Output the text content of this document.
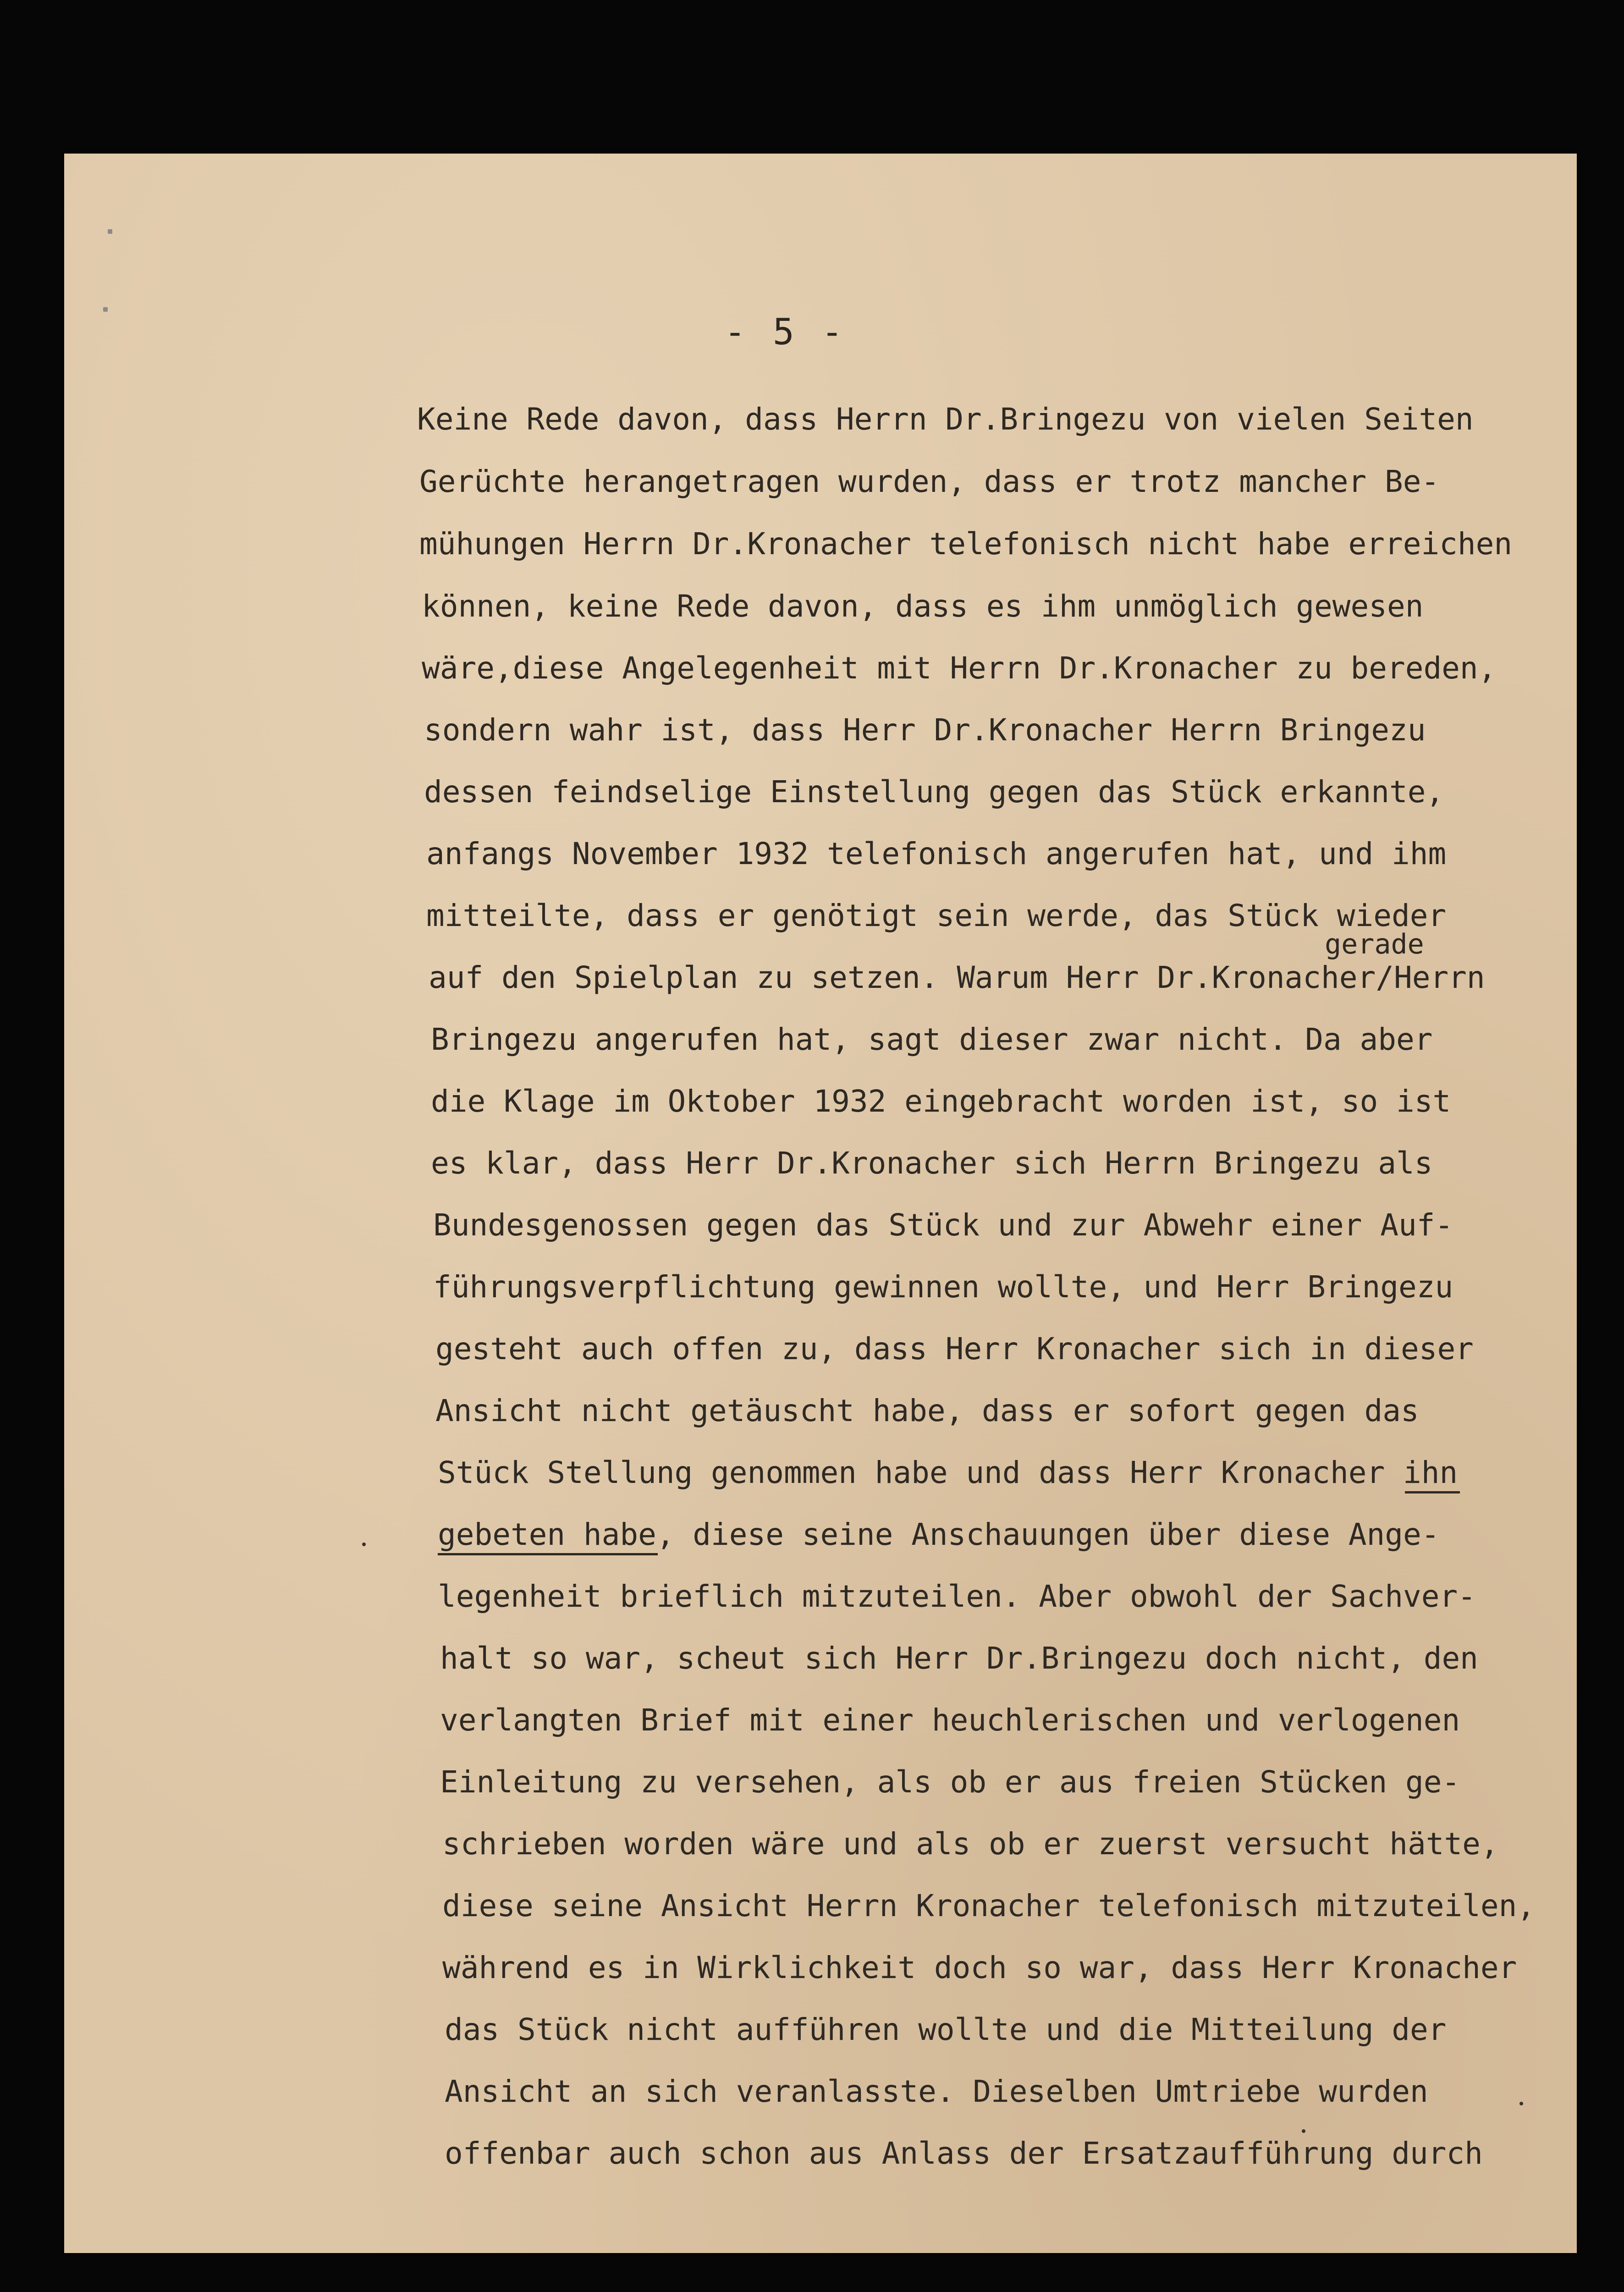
- 5 -
Keine Rede davon, dass Herrn Dr.Bringezu von vielen Seiten
Gerüchte herangetragen wurden, dass er trotz mancher Be-
mühungen Herrn Dr.Kronacher telefonisch nicht habe erreichen
können, keine Rede davon, dass es ihm unmöglich gewesen
wäre,diese Angelegenheit mit Herrn Dr.Kronacher zu bereden,
sondern wahr ist, dass Herr Dr.Kronacher Herrn Bringezu
dessen feindselige Einstellung gegen das Stück erkannte,
anfangs November 1932 telefonisch angerufen hat, und ihm
mitteilte, dass er genötigt sein werde, das Stück wieder
gerade
auf den Spielplan zu setzen. Warum Herr Dr.Kronacher/Herrn
Bringezu angerufen hat, sagt dieser zwar nicht. Da aber
die Klage im Oktober 1932 eingebracht worden ist, so ist
es klar, dass Herr Dr.Kronacher sich Herrn Bringezu als
Bundesgenossen gegen das Stück und zur Abwehr einer Auf-
führungsverpflichtung gewinnen wollte, und Herr Bringezu
gesteht auch offen zu, dass Herr Kronacher sich in dieser
Ansicht nicht getäuscht habe, dass er sofort gegen das
Stück Stellung genommen habe und dass Herr Kronacher ihn
gebeten habe, diese seine Anschauungen über diese Ange-
legenheit brieflich mitzuteilen. Aber obwohl der Sachver-
halt so war, scheut sich Herr Dr.Bringezu doch nicht, den
verlangten Brief mit einer heuchlerischen und verlogenen
Einleitung zu versehen, als ob er aus freien Stücken ge-
schrieben worden wäre und als ob er zuerst versucht hätte,
diese seine Ansicht Herrn Kronacher telefonisch mitzuteilen,
während es in Wirklichkeit doch so war, dass Herr Kronacher
das Stück nicht aufführen wollte und die Mitteilung der
Ansicht an sich veranlasste. Dieselben Umtriebe wurden
offenbar auch schon aus Anlass der Ersatzaufführung durch
